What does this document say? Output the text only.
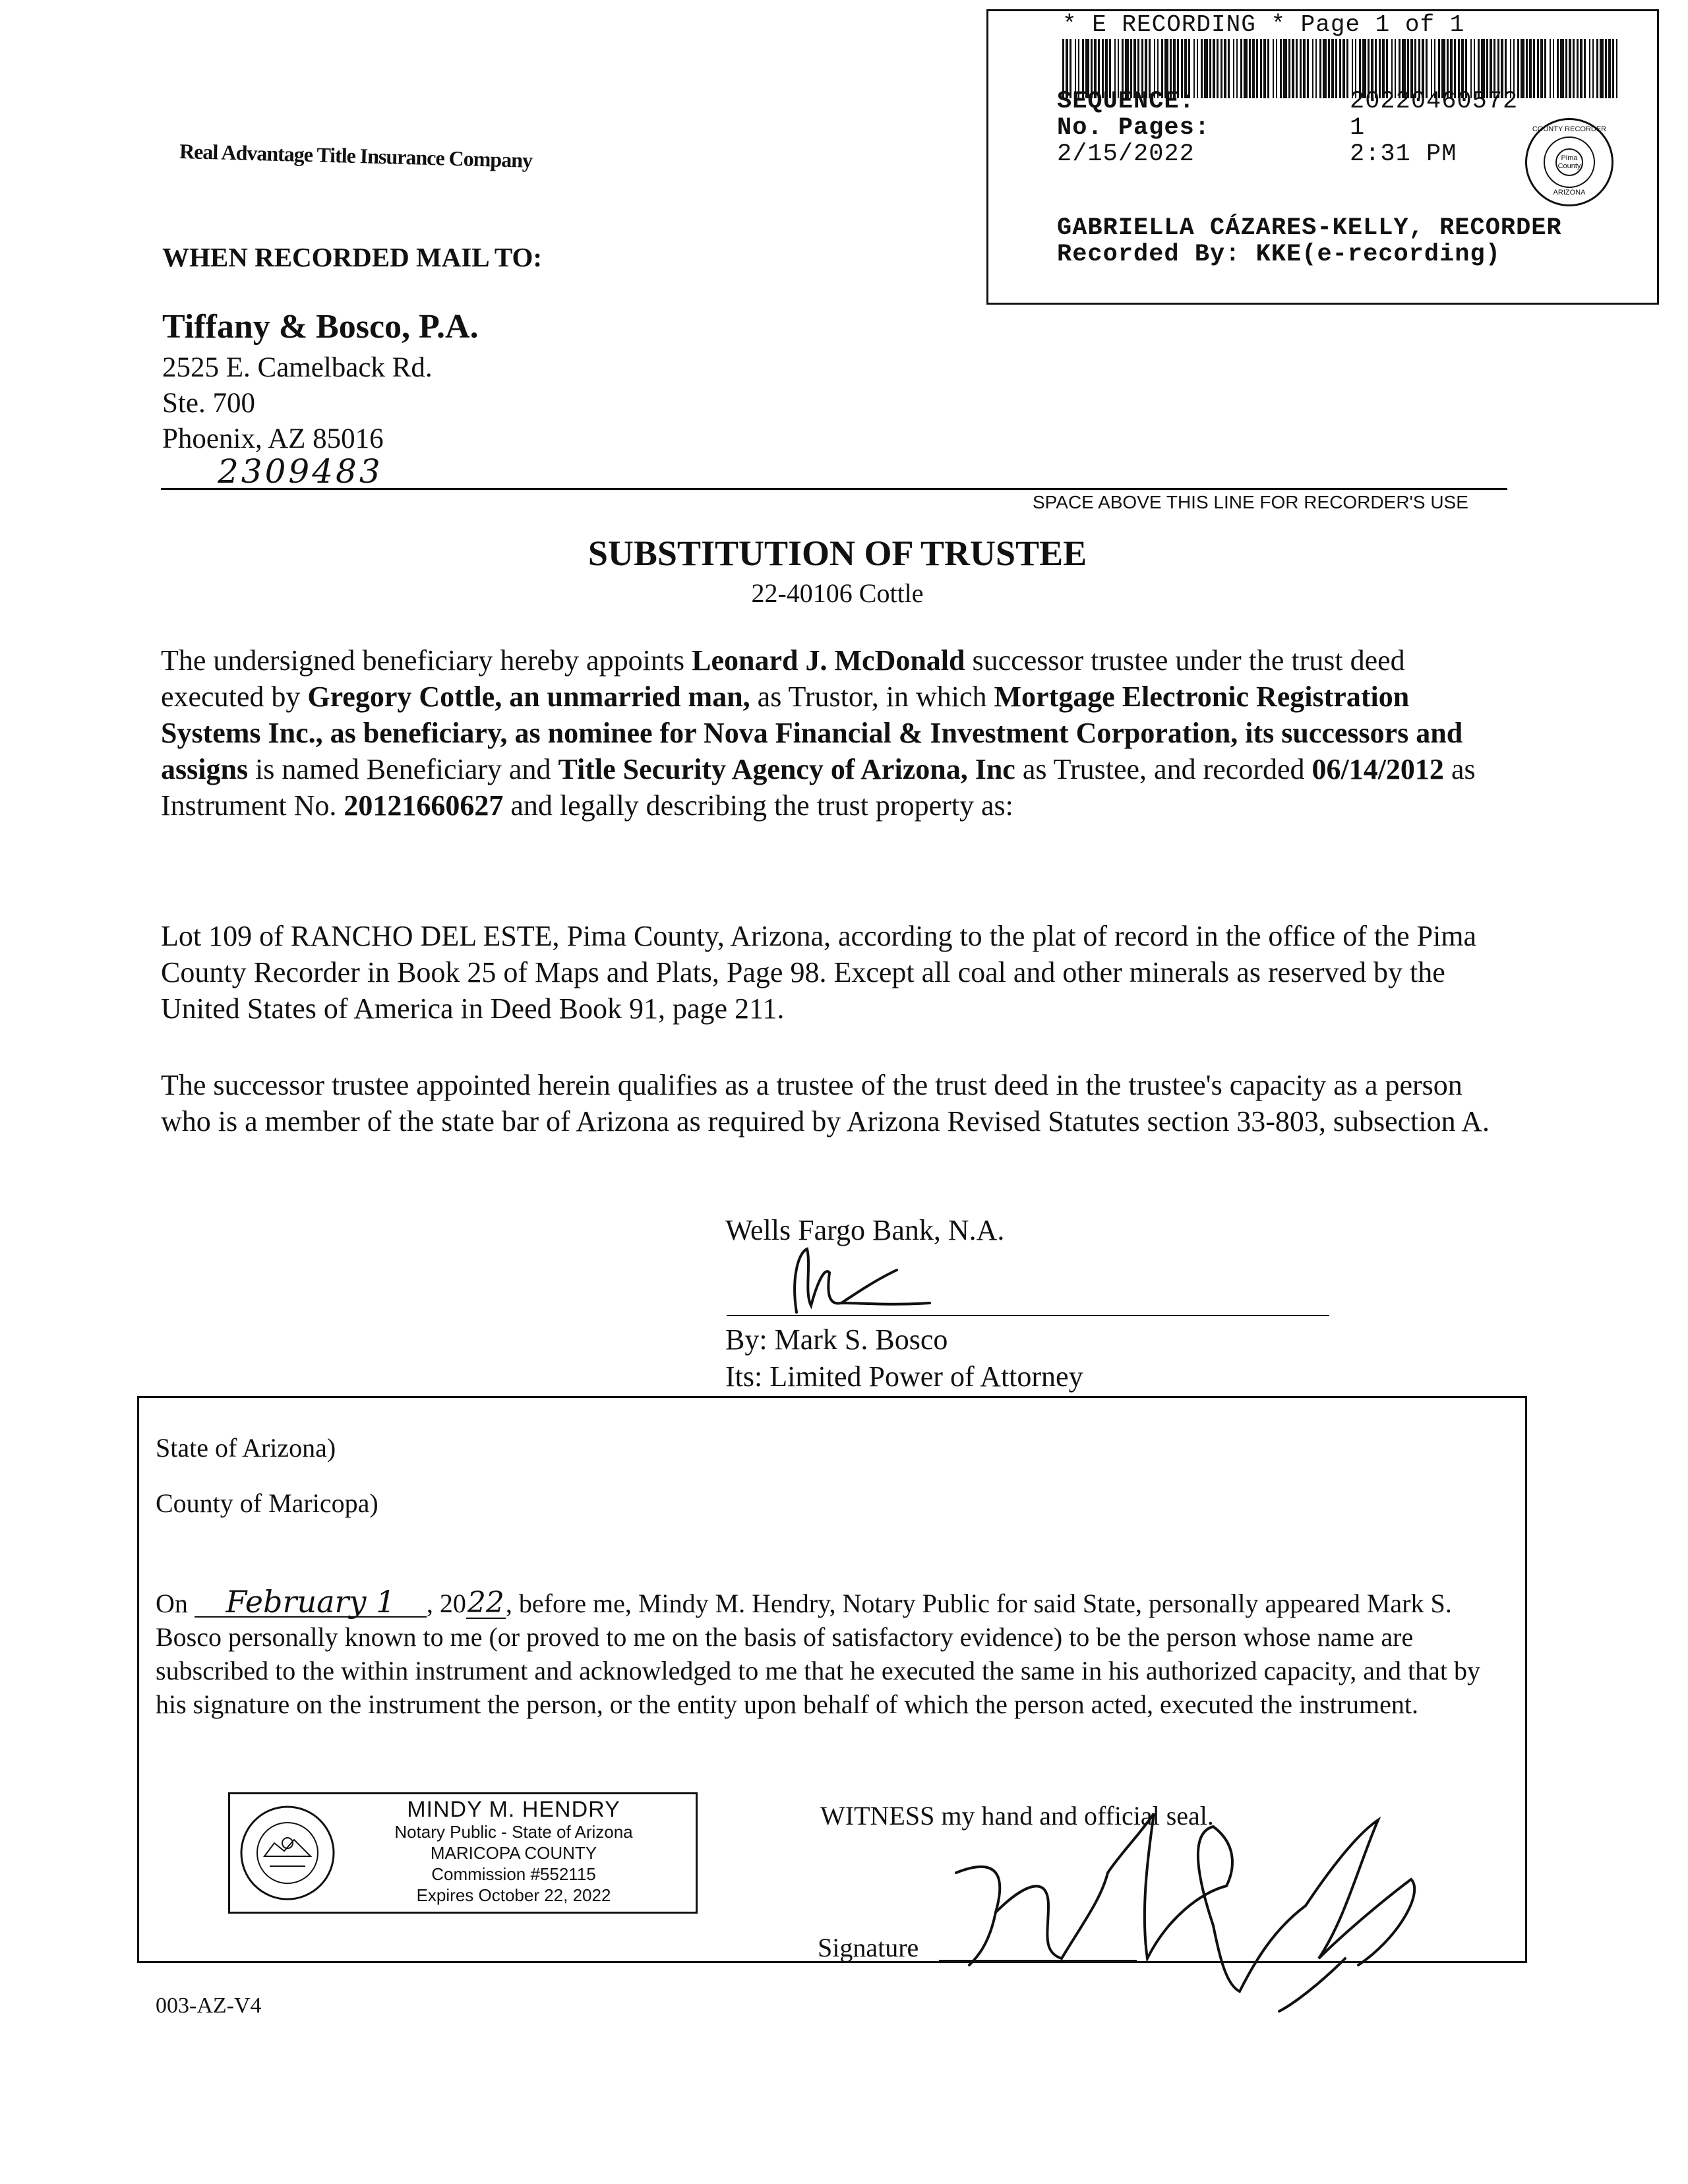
* E RECORDING * Page 1 of 1
SEQUENCE:	20220460572
No. Pages:	1
2/15/2022	2:31 PM
COUNTY RECORDER
Pima County
ARIZONA
GABRIELLA CÁZARES-KELLY, RECORDER
Recorded By: KKE(e-recording)
Real Advantage Title Insurance Company
WHEN RECORDED MAIL TO:
Tiffany & Bosco, P.A.
2525 E. Camelback Rd.
Ste. 700
Phoenix, AZ 85016
2309483
SPACE ABOVE THIS LINE FOR RECORDER'S USE
SUBSTITUTION OF TRUSTEE
22-40106 Cottle
The undersigned beneficiary hereby appoints Leonard J. McDonald successor trustee under the trust deed executed by Gregory Cottle, an unmarried man, as Trustor, in which Mortgage Electronic Registration Systems Inc., as beneficiary, as nominee for Nova Financial & Investment Corporation, its successors and assigns is named Beneficiary and Title Security Agency of Arizona, Inc as Trustee, and recorded 06/14/2012 as Instrument No. 20121660627 and legally describing the trust property as:
Lot 109 of RANCHO DEL ESTE, Pima County, Arizona, according to the plat of record in the office of the Pima County Recorder in Book 25 of Maps and Plats, Page 98. Except all coal and other minerals as reserved by the United States of America in Deed Book 91, page 211.
The successor trustee appointed herein qualifies as a trustee of the trust deed in the trustee's capacity as a person who is a member of the state bar of Arizona as required by Arizona Revised Statutes section 33-803, subsection A.
Wells Fargo Bank, N.A.
By: Mark S. Bosco
Its: Limited Power of Attorney
State of Arizona)
County of Maricopa)
On February 1 , 2022, before me, Mindy M. Hendry, Notary Public for said State, personally appeared Mark S. Bosco personally known to me (or proved to me on the basis of satisfactory evidence) to be the person whose name are subscribed to the within instrument and acknowledged to me that he executed the same in his authorized capacity, and that by his signature on the instrument the person, or the entity upon behalf of which the person acted, executed the instrument.
MINDY M. HENDRY
Notary Public - State of Arizona
MARICOPA COUNTY
Commission #552115
Expires October 22, 2022
WITNESS my hand and official seal.
Signature
003-AZ-V4
